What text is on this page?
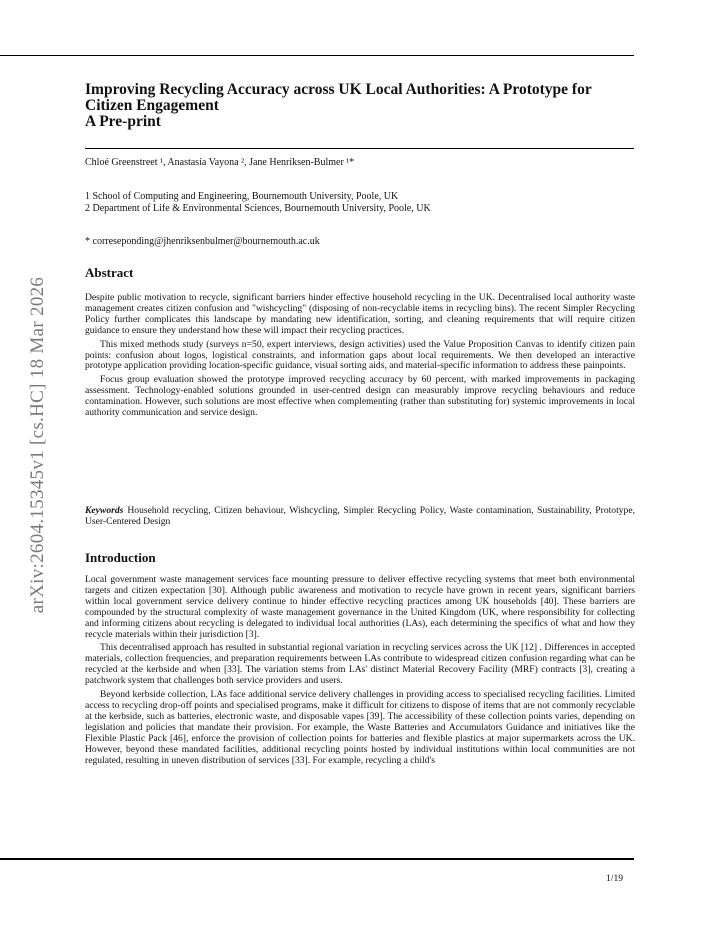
arXiv:2604.15345v1 [cs.HC] 18 Mar 2026
Improving Recycling Accuracy across UK Local Authorities: A Prototype for
Citizen Engagement
A Pre-print

Chloé Greenstreet ¹, Anastasia Vayona ², Jane Henriksen-Bulmer ¹*

1 School of Computing and Engineering, Bournemouth University, Poole, UK
2 Department of Life & Environmental Sciences, Bournemouth University, Poole, UK

* correseponding@jhenriksenbulmer@bournemouth.ac.uk

Abstract

Despite public motivation to recycle, significant barriers hinder effective household recycling in the UK. Decentralised local authority waste management creates citizen confusion and "wishcycling" (disposing of non-recyclable items in recycling bins). The recent Simpler Recycling Policy further complicates this landscape by mandating new identification, sorting, and cleaning requirements that will require citizen guidance to ensure they understand how these will impact their recycling practices.

This mixed methods study (surveys n=50, expert interviews, design activities) used the Value Proposition Canvas to identify citizen pain points: confusion about logos, logistical constraints, and information gaps about local requirements. We then developed an interactive prototype application providing location-specific guidance, visual sorting aids, and material-specific information to address these painpoints.

Focus group evaluation showed the prototype improved recycling accuracy by 60 percent, with marked improvements in packaging assessment. Technology-enabled solutions grounded in user-centred design can measurably improve recycling behaviours and reduce contamination. However, such solutions are most effective when complementing (rather than substituting for) systemic improvements in local authority communication and service design.

Keywords Household recycling, Citizen behaviour, Wishcycling, Simpler Recycling Policy, Waste contamination, Sustainability, Prototype, User-Centered Design

Introduction

Local government waste management services face mounting pressure to deliver effective recycling systems that meet both environmental targets and citizen expectation [30]. Although public awareness and motivation to recycle have grown in recent years, significant barriers within local government service delivery continue to hinder effective recycling practices among UK households [40]. These barriers are compounded by the structural complexity of waste management governance in the United Kingdom (UK, where responsibility for collecting and informing citizens about recycling is delegated to individual local authorities (LAs), each determining the specifics of what and how they recycle materials within their jurisdiction [3].

This decentralised approach has resulted in substantial regional variation in recycling services across the UK [12] . Differences in accepted materials, collection frequencies, and preparation requirements between LAs contribute to widespread citizen confusion regarding what can be recycled at the kerbside and when [33]. The variation stems from LAs' distinct Material Recovery Facility (MRF) contracts [3], creating a patchwork system that challenges both service providers and users.

Beyond kerbside collection, LAs face additional service delivery challenges in providing access to specialised recycling facilities. Limited access to recycling drop-off points and specialised programs, make it difficult for citizens to dispose of items that are not commonly recyclable at the kerbside, such as batteries, electronic waste, and disposable vapes [39]. The accessibility of these collection points varies, depending on legislation and policies that mandate their provision. For example, the Waste Batteries and Accumulators Guidance and initiatives like the Flexible Plastic Pack [46], enforce the provision of collection points for batteries and flexible plastics at major supermarkets across the UK. However, beyond these mandated facilities, additional recycling points hosted by individual institutions within local communities are not regulated, resulting in uneven distribution of services [33]. For example, recycling a child's

1/19
